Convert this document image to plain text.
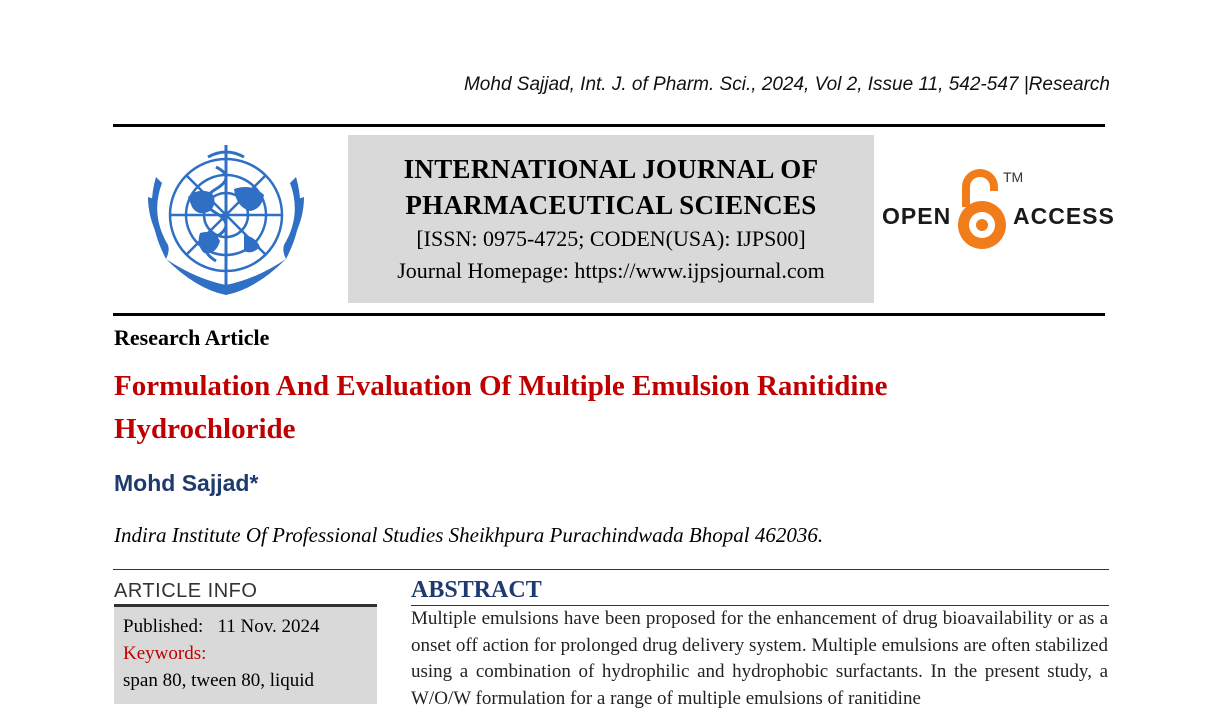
Mohd Sajjad, Int. J. of Pharm. Sci., 2024, Vol 2, Issue 11, 542-547 |Research
INTERNATIONAL JOURNAL OF
PHARMACEUTICAL SCIENCES
[ISSN: 0975-4725; CODEN(USA): IJPS00]
Journal Homepage: https://www.ijpsjournal.com
OPEN
TM
ACCESS
Research Article
Formulation And Evaluation Of Multiple Emulsion Ranitidine Hydrochloride
Mohd Sajjad*
Indira Institute Of Professional Studies Sheikhpura Purachindwada Bhopal 462036.
ARTICLE INFO
Published: 11 Nov. 2024
Keywords:
span 80, tween 80, liquid
ABSTRACT
Multiple emulsions have been proposed for the enhancement of drug bioavailability or as a onset off action for prolonged drug delivery system. Multiple emulsions are often stabilized using a combination of hydrophilic and hydrophobic surfactants. In the present study, a W/O/W formulation for a range of multiple emulsions of ranitidine
